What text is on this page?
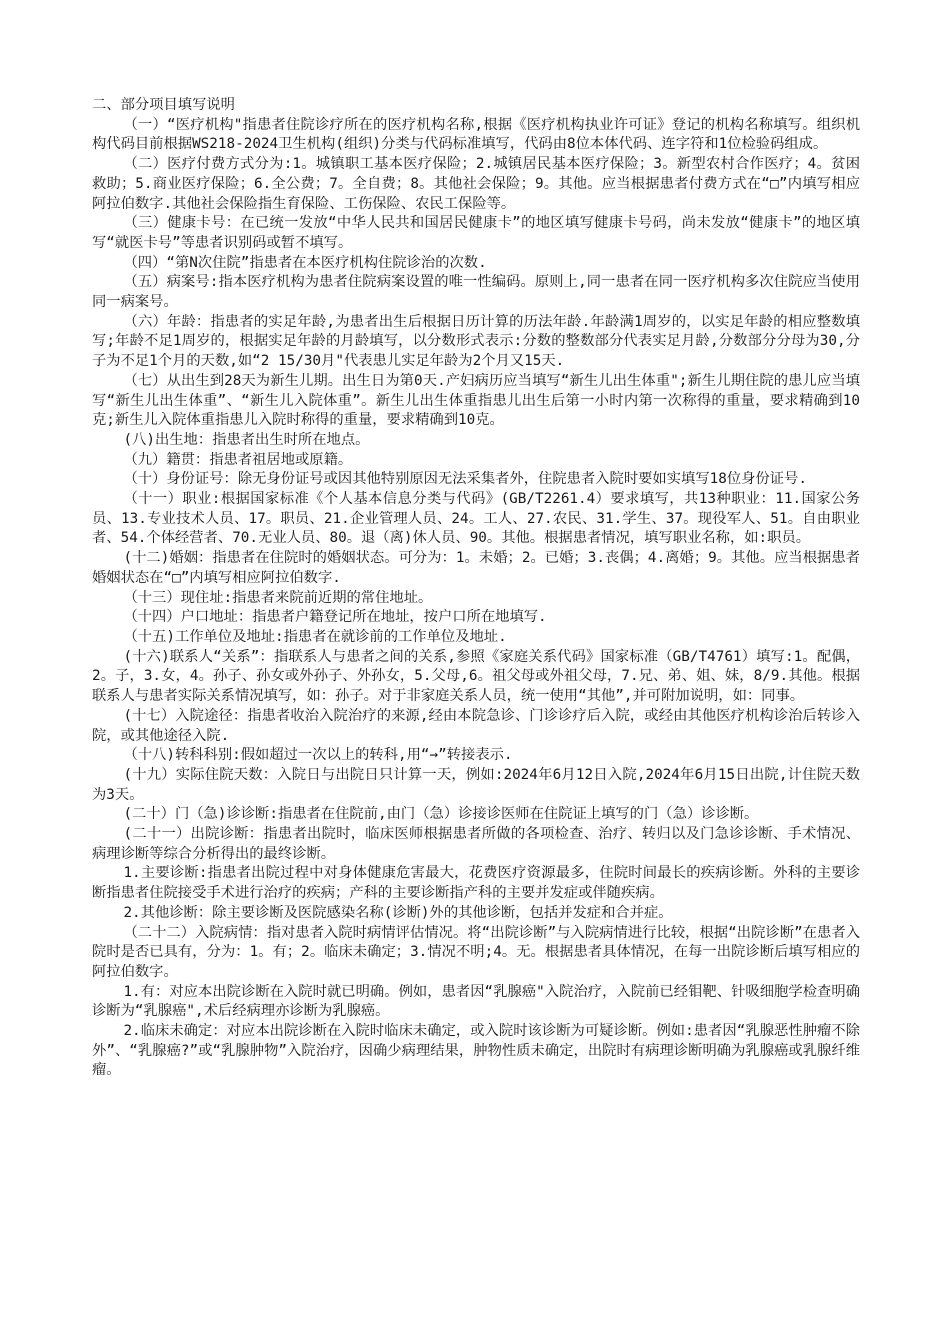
二、部分项目填写说明

（一）“医疗机构"指患者住院诊疗所在的医疗机构名称,根据《医疗机构执业许可证》登记的机构名称填写。组织机构代码目前根据WS218-2024卫生机构(组织)分类与代码标准填写，代码由8位本体代码、连字符和1位检验码组成。

（二）医疗付费方式分为:1。城镇职工基本医疗保险；2.城镇居民基本医疗保险；3。新型农村合作医疗；4。贫困救助；5.商业医疗保险；6.全公费；7。全自费；8。其他社会保险；9。其他。应当根据患者付费方式在“□”内填写相应阿拉伯数字.其他社会保险指生育保险、工伤保险、农民工保险等。

（三）健康卡号：在已统一发放“中华人民共和国居民健康卡”的地区填写健康卡号码，尚未发放“健康卡”的地区填写“就医卡号”等患者识别码或暂不填写。

（四）“第N次住院”指患者在本医疗机构住院诊治的次数.

（五）病案号:指本医疗机构为患者住院病案设置的唯一性编码。原则上,同一患者在同一医疗机构多次住院应当使用同一病案号。

（六）年龄：指患者的实足年龄,为患者出生后根据日历计算的历法年龄.年龄满1周岁的，以实足年龄的相应整数填写;年龄不足1周岁的，根据实足年龄的月龄填写，以分数形式表示:分数的整数部分代表实足月龄,分数部分分母为30,分子为不足1个月的天数,如“2 15/30月"代表患儿实足年龄为2个月又15天.

（七）从出生到28天为新生儿期。出生日为第0天.产妇病历应当填写“新生儿出生体重";新生儿期住院的患儿应当填写“新生儿出生体重”、“新生儿入院体重”。新生儿出生体重指患儿出生后第一小时内第一次称得的重量，要求精确到10克;新生儿入院体重指患儿入院时称得的重量，要求精确到10克。

(八)出生地：指患者出生时所在地点。

（九）籍贯：指患者祖居地或原籍。

（十）身份证号：除无身份证号或因其他特别原因无法采集者外，住院患者入院时要如实填写18位身份证号.

（十一）职业:根据国家标准《个人基本信息分类与代码》(GB/T2261.4）要求填写，共13种职业：11.国家公务员、13.专业技术人员、17。职员、21.企业管理人员、24。工人、27.农民、31.学生、37。现役军人、51。自由职业者、54.个体经营者、70.无业人员、80。退（离)休人员、90。其他。根据患者情况，填写职业名称，如:职员。

(十二)婚姻：指患者在住院时的婚姻状态。可分为：1。未婚；2。已婚；3.丧偶；4.离婚；9。其他。应当根据患者婚姻状态在“□”内填写相应阿拉伯数字.

（十三）现住址:指患者来院前近期的常住地址。

（十四）户口地址：指患者户籍登记所在地址，按户口所在地填写.

（十五)工作单位及地址:指患者在就诊前的工作单位及地址.

(十六)联系人“关系”：指联系人与患者之间的关系,参照《家庭关系代码》国家标准（GB/T4761）填写:1。配偶，2。子，3.女，4。孙子、孙女或外孙子、外孙女，5.父母,6。祖父母或外祖父母，7.兄、弟、姐、妹，8/9.其他。根据联系人与患者实际关系情况填写，如：孙子。对于非家庭关系人员，统一使用“其他”,并可附加说明，如：同事。

(十七）入院途径：指患者收治入院治疗的来源,经由本院急诊、门诊诊疗后入院，或经由其他医疗机构诊治后转诊入院，或其他途径入院.

（十八)转科科别:假如超过一次以上的转科,用“→”转接表示.

(十九）实际住院天数：入院日与出院日只计算一天，例如:2024年6月12日入院,2024年6月15日出院,计住院天数为3天。

(二十）门（急)诊诊断:指患者在住院前,由门（急）诊接诊医师在住院证上填写的门（急）诊诊断。

(二十一）出院诊断：指患者出院时，临床医师根据患者所做的各项检查、治疗、转归以及门急诊诊断、手术情况、病理诊断等综合分析得出的最终诊断。

1.主要诊断:指患者出院过程中对身体健康危害最大，花费医疗资源最多，住院时间最长的疾病诊断。外科的主要诊断指患者住院接受手术进行治疗的疾病；产科的主要诊断指产科的主要并发症或伴随疾病。

2.其他诊断：除主要诊断及医院感染名称(诊断)外的其他诊断，包括并发症和合并症。

（二十二）入院病情：指对患者入院时病情评估情况。将“出院诊断”与入院病情进行比较，根据“出院诊断”在患者入院时是否已具有，分为：1。有；2。临床未确定；3.情况不明;4。无。根据患者具体情况，在每一出院诊断后填写相应的阿拉伯数字。

1.有：对应本出院诊断在入院时就已明确。例如，患者因“乳腺癌"入院治疗，入院前已经钼靶、针吸细胞学检查明确诊断为“乳腺癌",术后经病理亦诊断为乳腺癌。

2.临床未确定：对应本出院诊断在入院时临床未确定，或入院时该诊断为可疑诊断。例如:患者因“乳腺恶性肿瘤不除外”、“乳腺癌?”或“乳腺肿物”入院治疗，因确少病理结果，肿物性质未确定，出院时有病理诊断明确为乳腺癌或乳腺纤维瘤。
